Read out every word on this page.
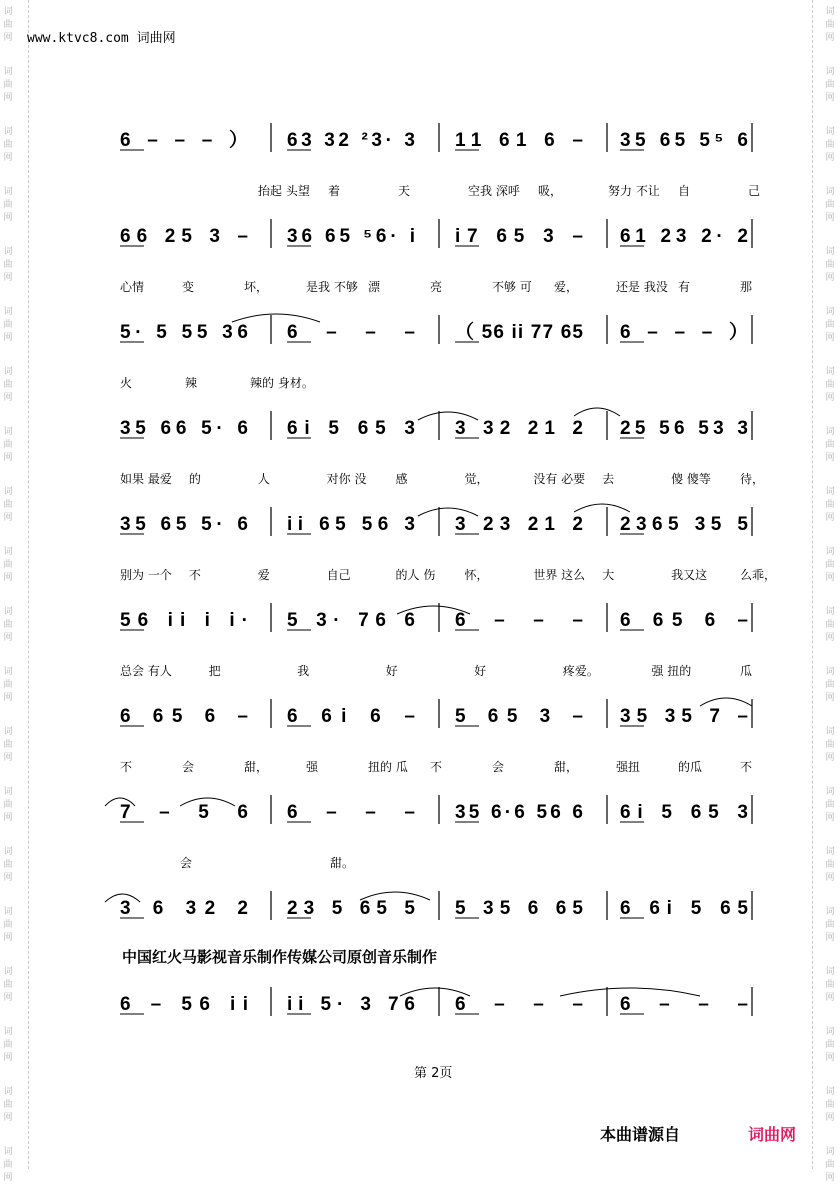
词
曲
网
词
曲
网
词
曲
网
词
曲
网
词
曲
网
词
曲
网
词
曲
网
词
曲
网
词
曲
网
词
曲
网
词
曲
网
词
曲
网
词
曲
网
词
曲
网
词
曲
网
词
曲
网
词
曲
网
词
曲
网
词
曲
网
词
曲
网
词
曲
网
词
曲
网
词
曲
网
词
曲
网
词
曲
网
词
曲
网
词
曲
网
词
曲
网
词
曲
网
词
曲
网
词
曲
网
词
曲
网
词
曲
网
词
曲
网
词
曲
网
词
曲
网
词
曲
网
词
曲
网
词
曲
网
词
曲
网
www.ktvc8.com 词曲网
6 – – – ） 63 32 ²3· 3 11 61 6 – 35 65 5⁵ 6
66 25 3 – 36 65 ⁵6· i i7 65 3 – 61 23 2· 2
5· 5 55 36 6 – – – （ 56 ii 77 65 6 – – – ）
35 66 5· 6 6i 5 65 3 3 32 21 2 25 56 53 3
35 65 5· 6 ii 65 56 3 3 23 21 2 2365 35 5
56 ii i i· 5 3· 76 6 6 – – – 6 65 6 –
6 65 6 – 6 6i 6 – 5 65 3 – 35 35 7 –
7 – 5 6 6 – – – 35 6·6 56 6 6i 5 65 3
3 6 32 2 23 5 65 5 5 35 6 65 6 6i 5 65
6 – 56 ii ii 5· 3 76 6 – – – 6 – – –
抬起 头望 着	天	空我 深呼 吸，	努力 不让 自	己
心情	变	坏，	是我 不够 漂	亮	不够 可 爱，	还是 我没 有	那
火	辣	辣的 身材。
如果 最爱 的	人	对你 没 感	觉，	没有 必要 去	傻 傻等 待，
别为 一个 不	爱	自己	的人 伤 怀，	世界 这么 大	我又这	么乖，
总会 有人	把	我	好	好	疼爱。	强 扭的	瓜
不	会	甜，	强	扭的 瓜 不	会	甜，	强扭	的瓜	不
会	甜。
中国红火马影视音乐制作传媒公司原创音乐制作
第 2页
本曲谱源自	词曲网
